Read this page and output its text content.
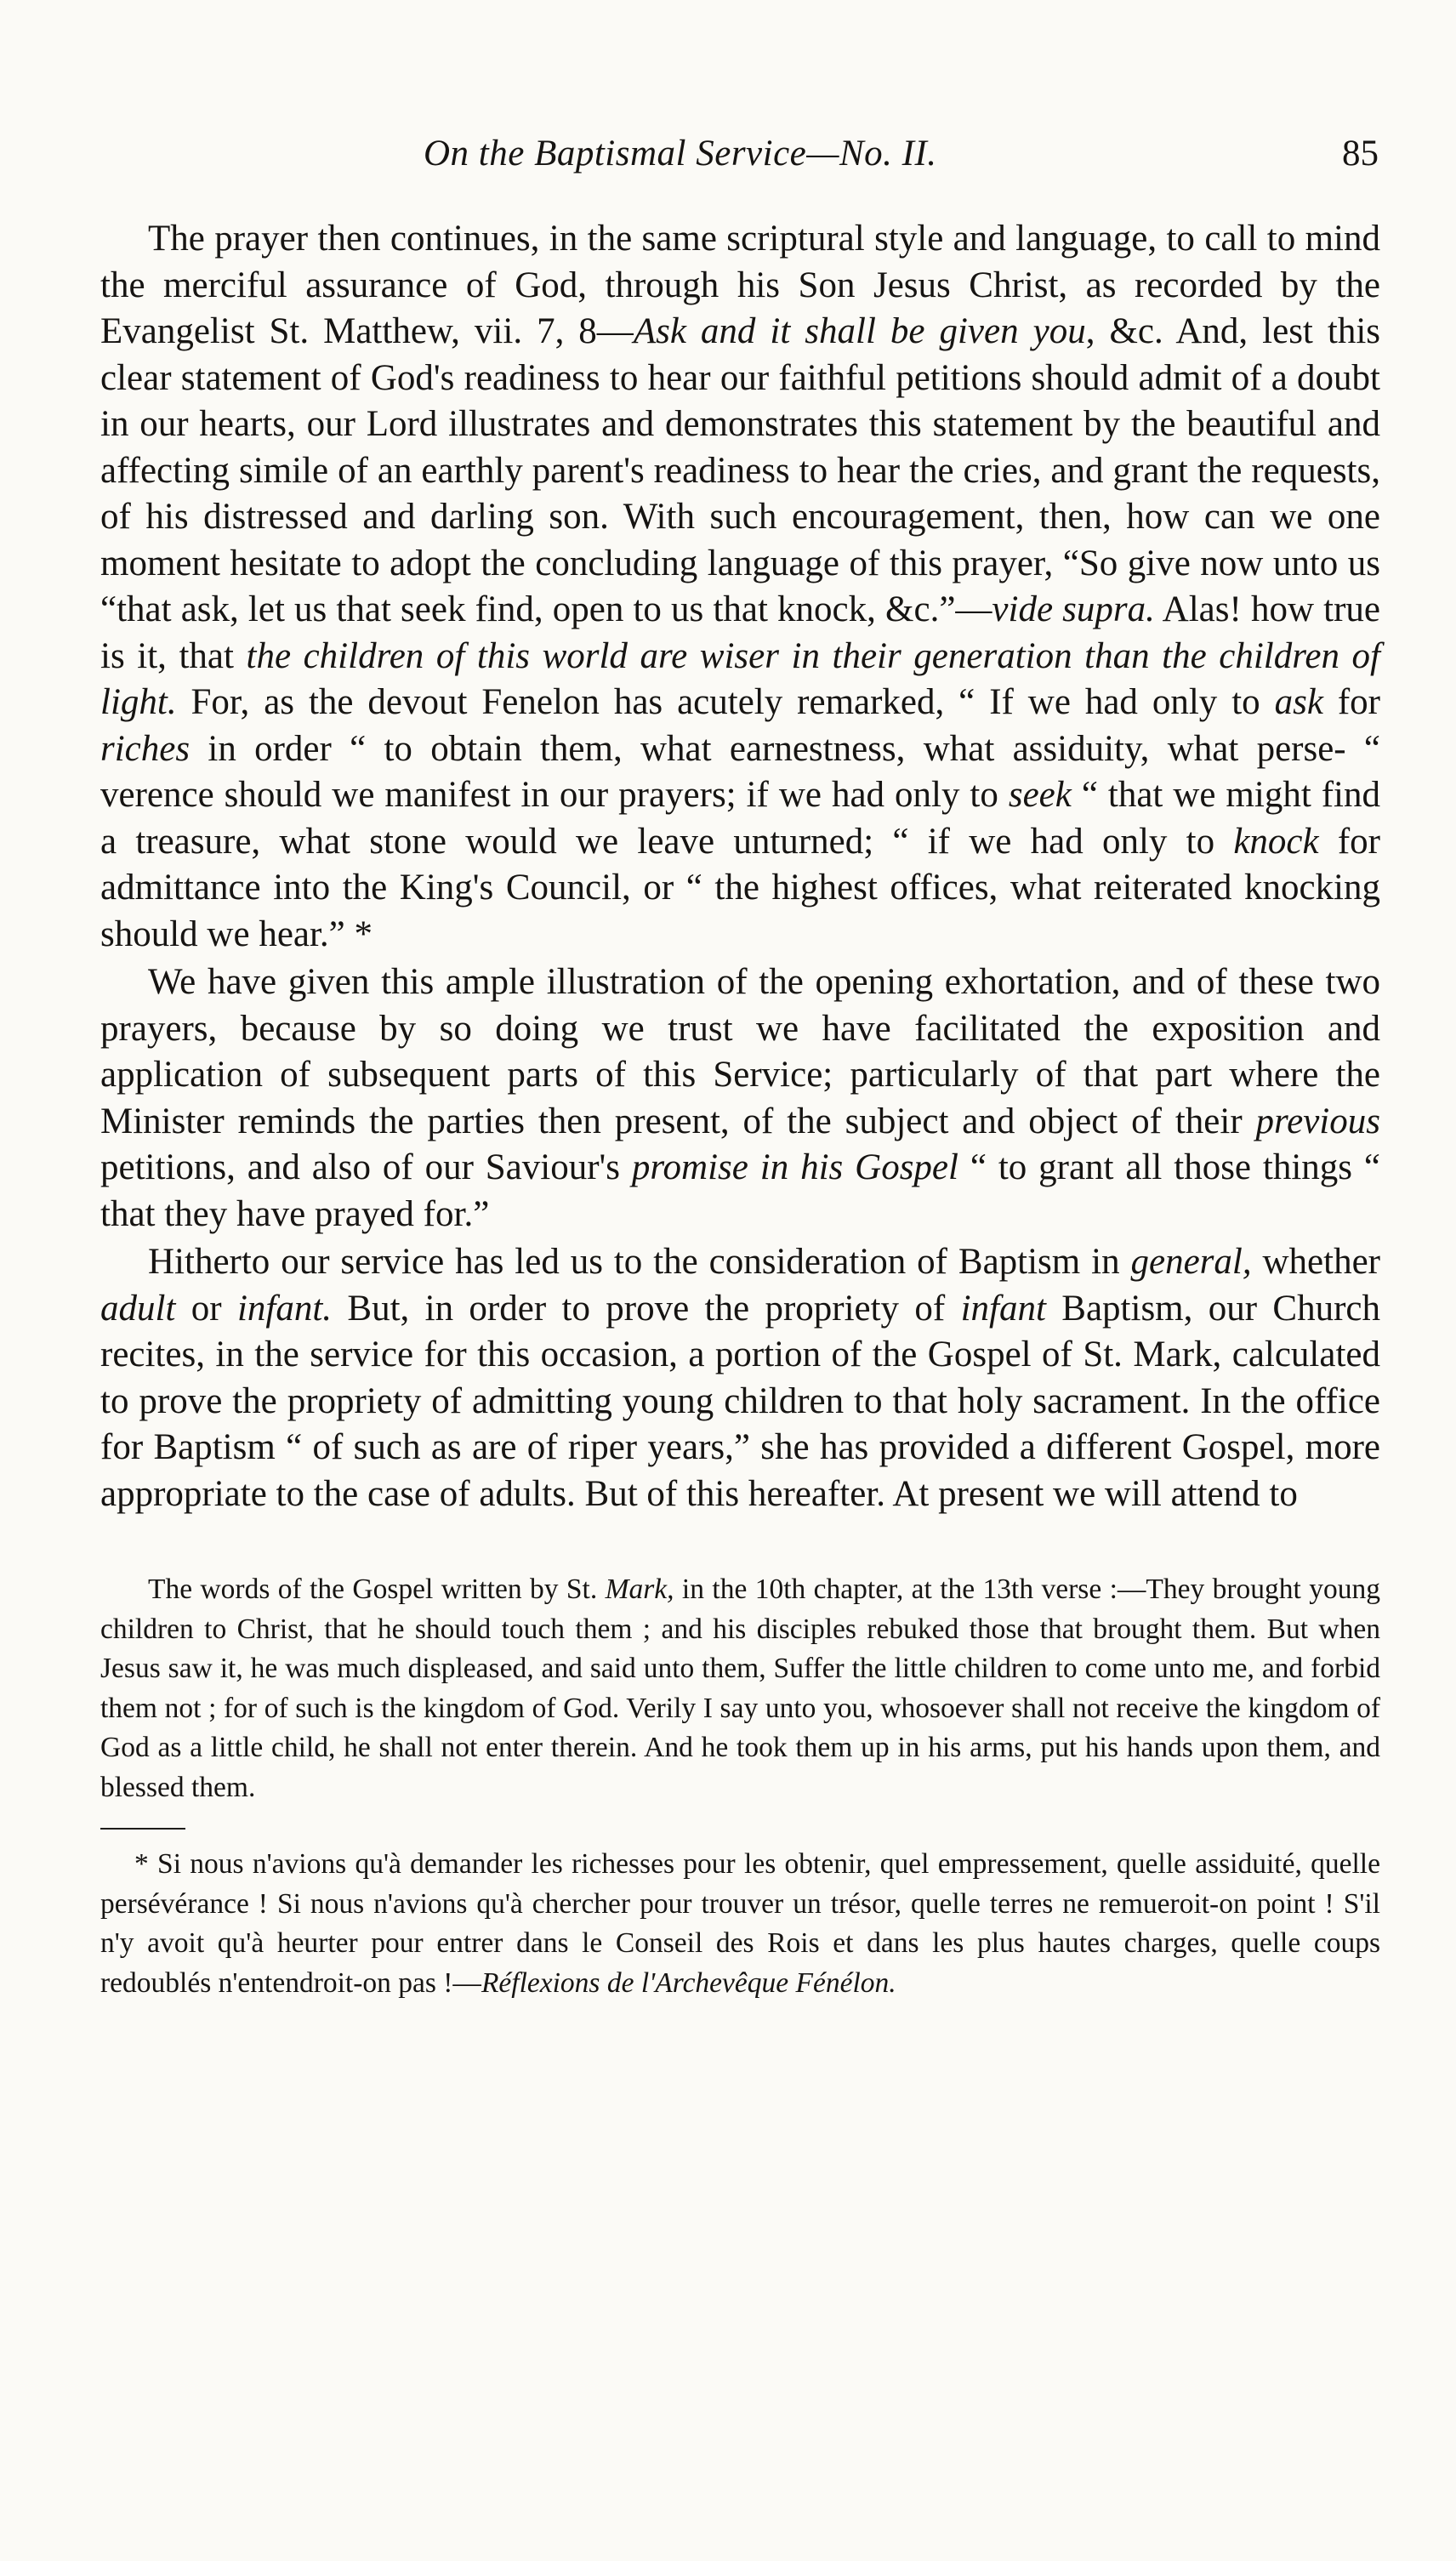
On the Baptismal Service—No. II.	85

The prayer then continues, in the same scriptural style and language, to call to mind the merciful assurance of God, through his Son Jesus Christ, as recorded by the Evangelist St. Matthew, vii. 7, 8—Ask and it shall be given you, &c. And, lest this clear statement of God's readiness to hear our faithful petitions should admit of a doubt in our hearts, our Lord illustrates and demonstrates this statement by the beautiful and affecting simile of an earthly parent's readiness to hear the cries, and grant the requests, of his distressed and darling son. With such encouragement, then, how can we one moment hesitate to adopt the concluding language of this prayer, “So give now unto us “that ask, let us that seek find, open to us that knock, &c.”—vide supra. Alas! how true is it, that the children of this world are wiser in their generation than the children of light. For, as the devout Fenelon has acutely remarked, “ If we had only to ask for riches in order “ to obtain them, what earnestness, what assiduity, what perse- “ verence should we manifest in our prayers; if we had only to seek “ that we might find a treasure, what stone would we leave unturned; “ if we had only to knock for admittance into the King's Council, or “ the highest offices, what reiterated knocking should we hear.” *

We have given this ample illustration of the opening exhortation, and of these two prayers, because by so doing we trust we have facilitated the exposition and application of subsequent parts of this Service; particularly of that part where the Minister reminds the parties then present, of the subject and object of their previous petitions, and also of our Saviour's promise in his Gospel “ to grant all those things “ that they have prayed for.”

Hitherto our service has led us to the consideration of Baptism in general, whether adult or infant. But, in order to prove the propriety of infant Baptism, our Church recites, in the service for this occasion, a portion of the Gospel of St. Mark, calculated to prove the propriety of admitting young children to that holy sacrament. In the office for Baptism “ of such as are of riper years,” she has provided a different Gospel, more appropriate to the case of adults. But of this hereafter. At present we will attend to

The words of the Gospel written by St. Mark, in the 10th chapter, at the 13th verse :—They brought young children to Christ, that he should touch them ; and his disciples rebuked those that brought them. But when Jesus saw it, he was much displeased, and said unto them, Suffer the little children to come unto me, and forbid them not ; for of such is the kingdom of God. Verily I say unto you, whosoever shall not receive the kingdom of God as a little child, he shall not enter therein. And he took them up in his arms, put his hands upon them, and blessed them.

* Si nous n'avions qu'à demander les richesses pour les obtenir, quel empressement, quelle assiduité, quelle persévérance ! Si nous n'avions qu'à chercher pour trouver un trésor, quelle terres ne remueroit-on point ! S'il n'y avoit qu'à heurter pour entrer dans le Conseil des Rois et dans les plus hautes charges, quelle coups redoublés n'entendroit-on pas !—Réflexions de l'Archevêque Fénélon.
